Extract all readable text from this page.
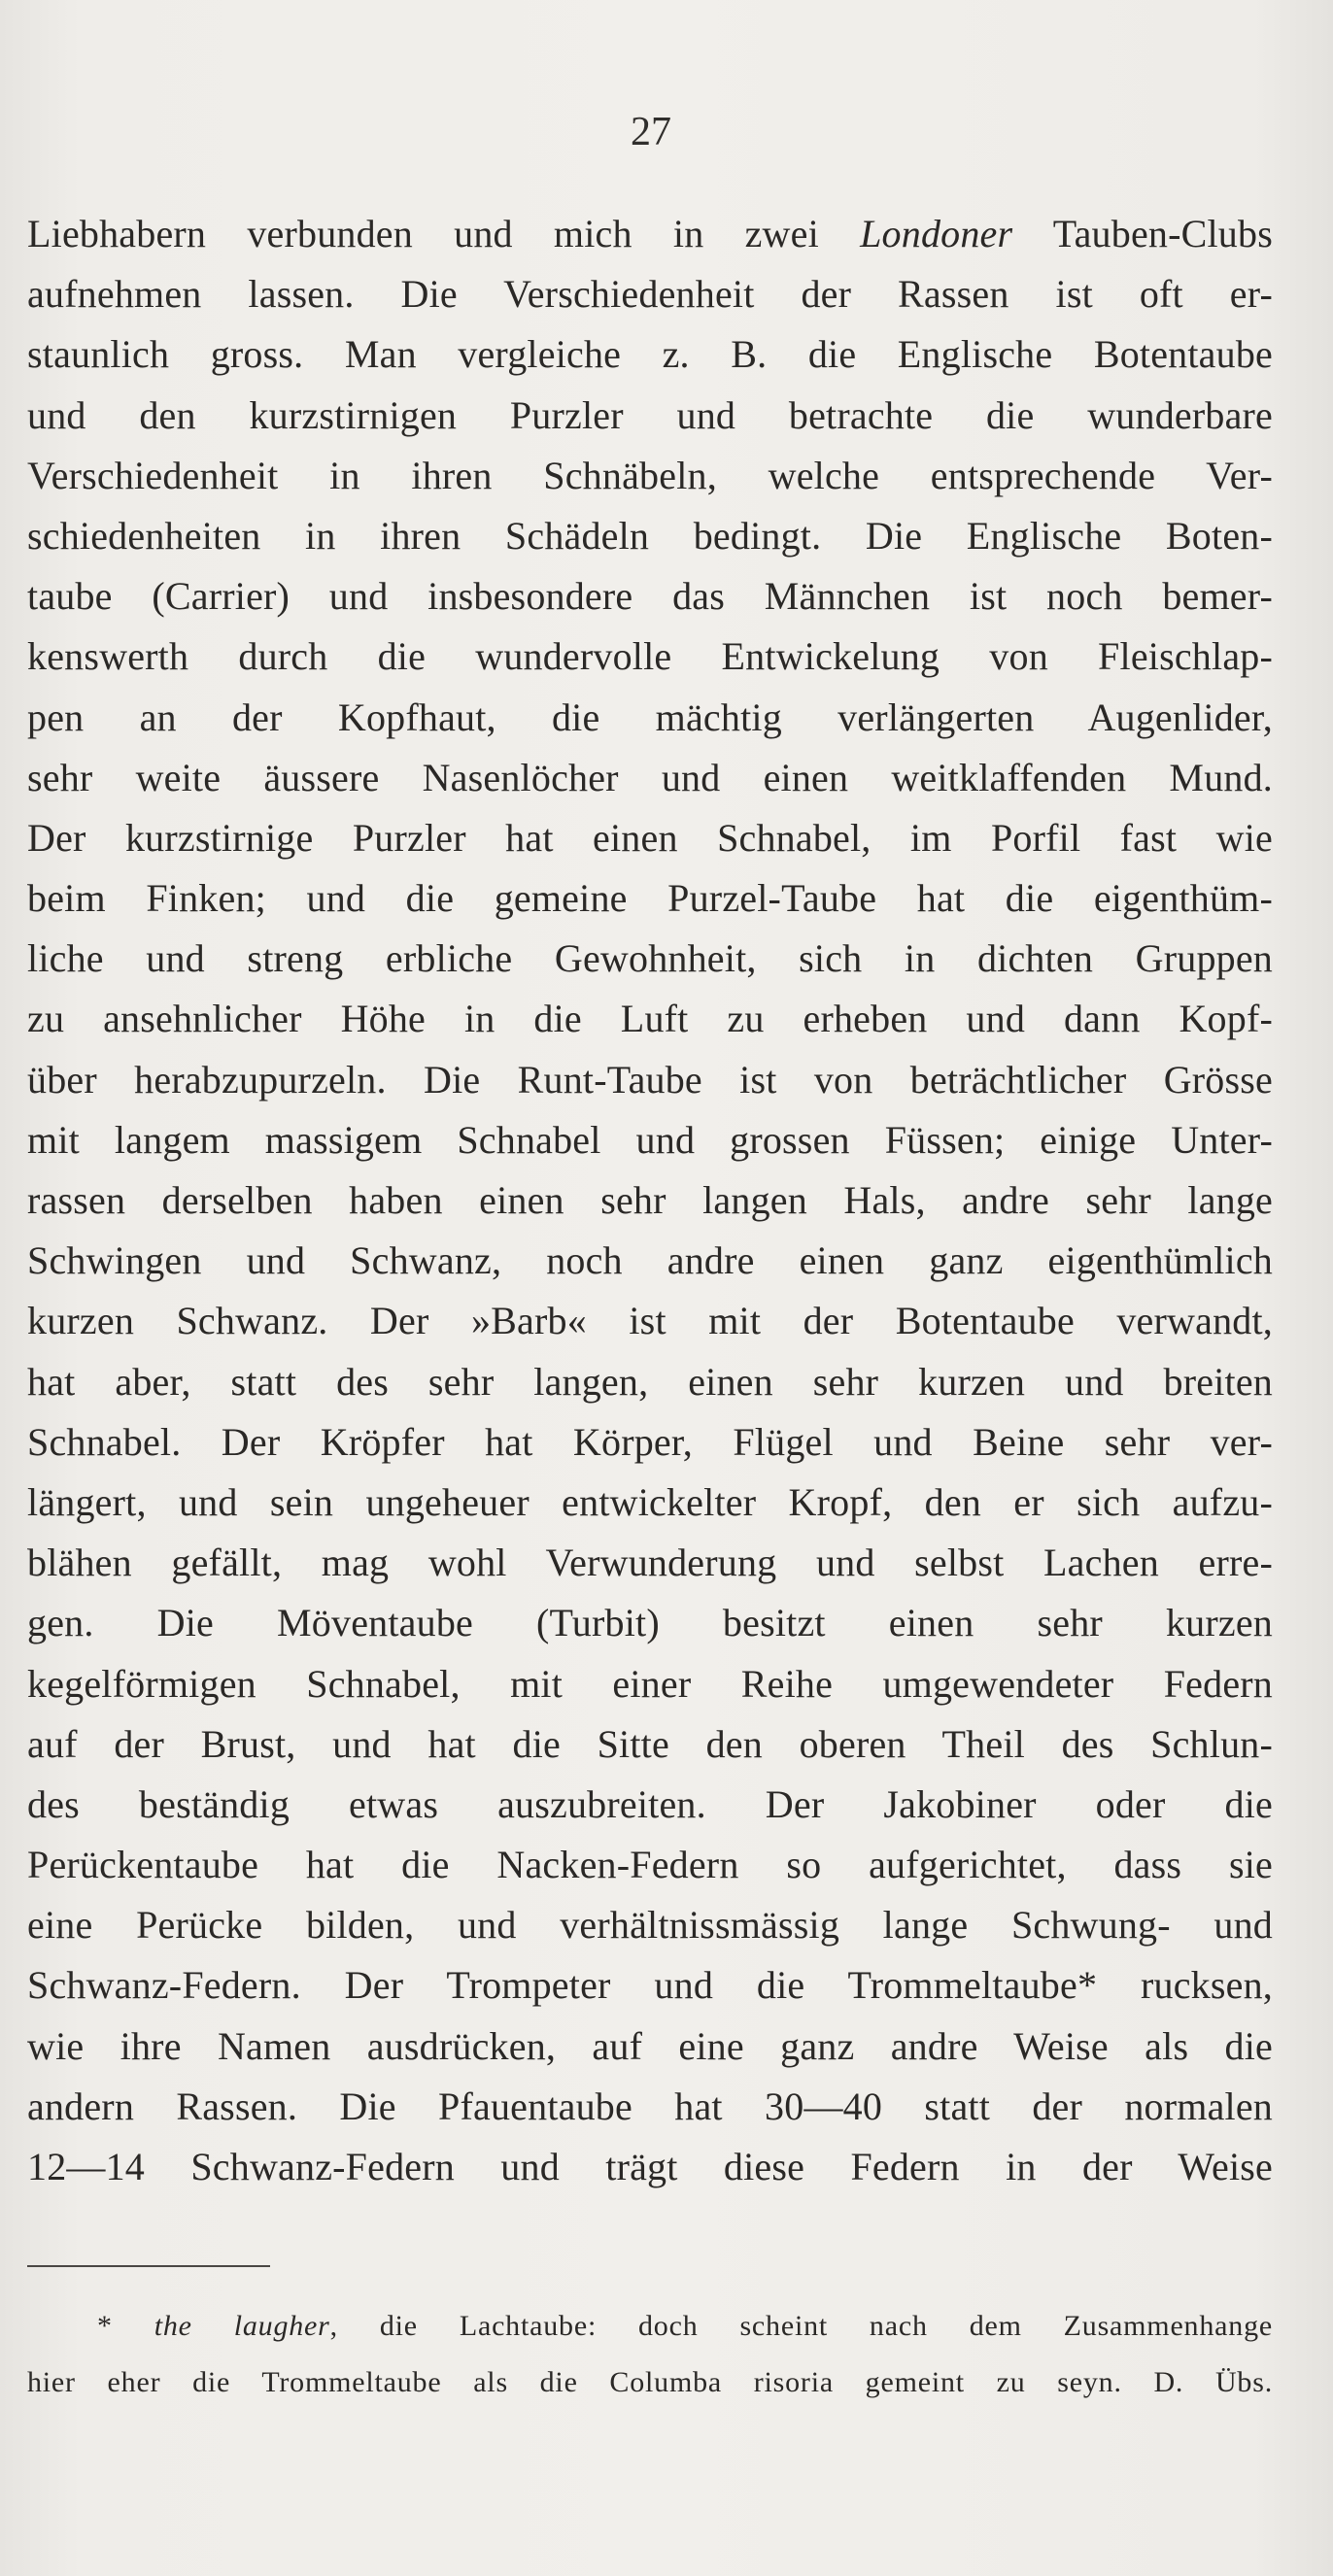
27

Liebhabern verbunden und mich in zwei Londoner Tauben-Clubs
aufnehmen lassen. Die Verschiedenheit der Rassen ist oft er-
staunlich gross. Man vergleiche z. B. die Englische Botentaube
und den kurzstirnigen Purzler und betrachte die wunderbare
Verschiedenheit in ihren Schnäbeln, welche entsprechende Ver-
schiedenheiten in ihren Schädeln bedingt. Die Englische Boten-
taube (Carrier) und insbesondere das Männchen ist noch bemer-
kenswerth durch die wundervolle Entwickelung von Fleischlap-
pen an der Kopfhaut, die mächtig verlängerten Augenlider,
sehr weite äussere Nasenlöcher und einen weitklaffenden Mund.
Der kurzstirnige Purzler hat einen Schnabel, im Porfil fast wie
beim Finken; und die gemeine Purzel-Taube hat die eigenthüm-
liche und streng erbliche Gewohnheit, sich in dichten Gruppen
zu ansehnlicher Höhe in die Luft zu erheben und dann Kopf-
über herabzupurzeln. Die Runt-Taube ist von beträchtlicher Grösse
mit langem massigem Schnabel und grossen Füssen; einige Unter-
rassen derselben haben einen sehr langen Hals, andre sehr lange
Schwingen und Schwanz, noch andre einen ganz eigenthümlich
kurzen Schwanz. Der »Barb« ist mit der Botentaube verwandt,
hat aber, statt des sehr langen, einen sehr kurzen und breiten
Schnabel. Der Kröpfer hat Körper, Flügel und Beine sehr ver-
längert, und sein ungeheuer entwickelter Kropf, den er sich aufzu-
blähen gefällt, mag wohl Verwunderung und selbst Lachen erre-
gen. Die Möventaube (Turbit) besitzt einen sehr kurzen
kegelförmigen Schnabel, mit einer Reihe umgewendeter Federn
auf der Brust, und hat die Sitte den oberen Theil des Schlun-
des beständig etwas auszubreiten. Der Jakobiner oder die
Perückentaube hat die Nacken-Federn so aufgerichtet, dass sie
eine Perücke bilden, und verhältnissmässig lange Schwung- und
Schwanz-Federn. Der Trompeter und die Trommeltaube* rucksen,
wie ihre Namen ausdrücken, auf eine ganz andre Weise als die
andern Rassen. Die Pfauentaube hat 30—40 statt der normalen
12—14 Schwanz-Federn und trägt diese Federn in der Weise
* the laugher, die Lachtaube: doch scheint nach dem Zusammenhange
hier eher die Trommeltaube als die Columba risoria gemeint zu seyn. D. Übs.
